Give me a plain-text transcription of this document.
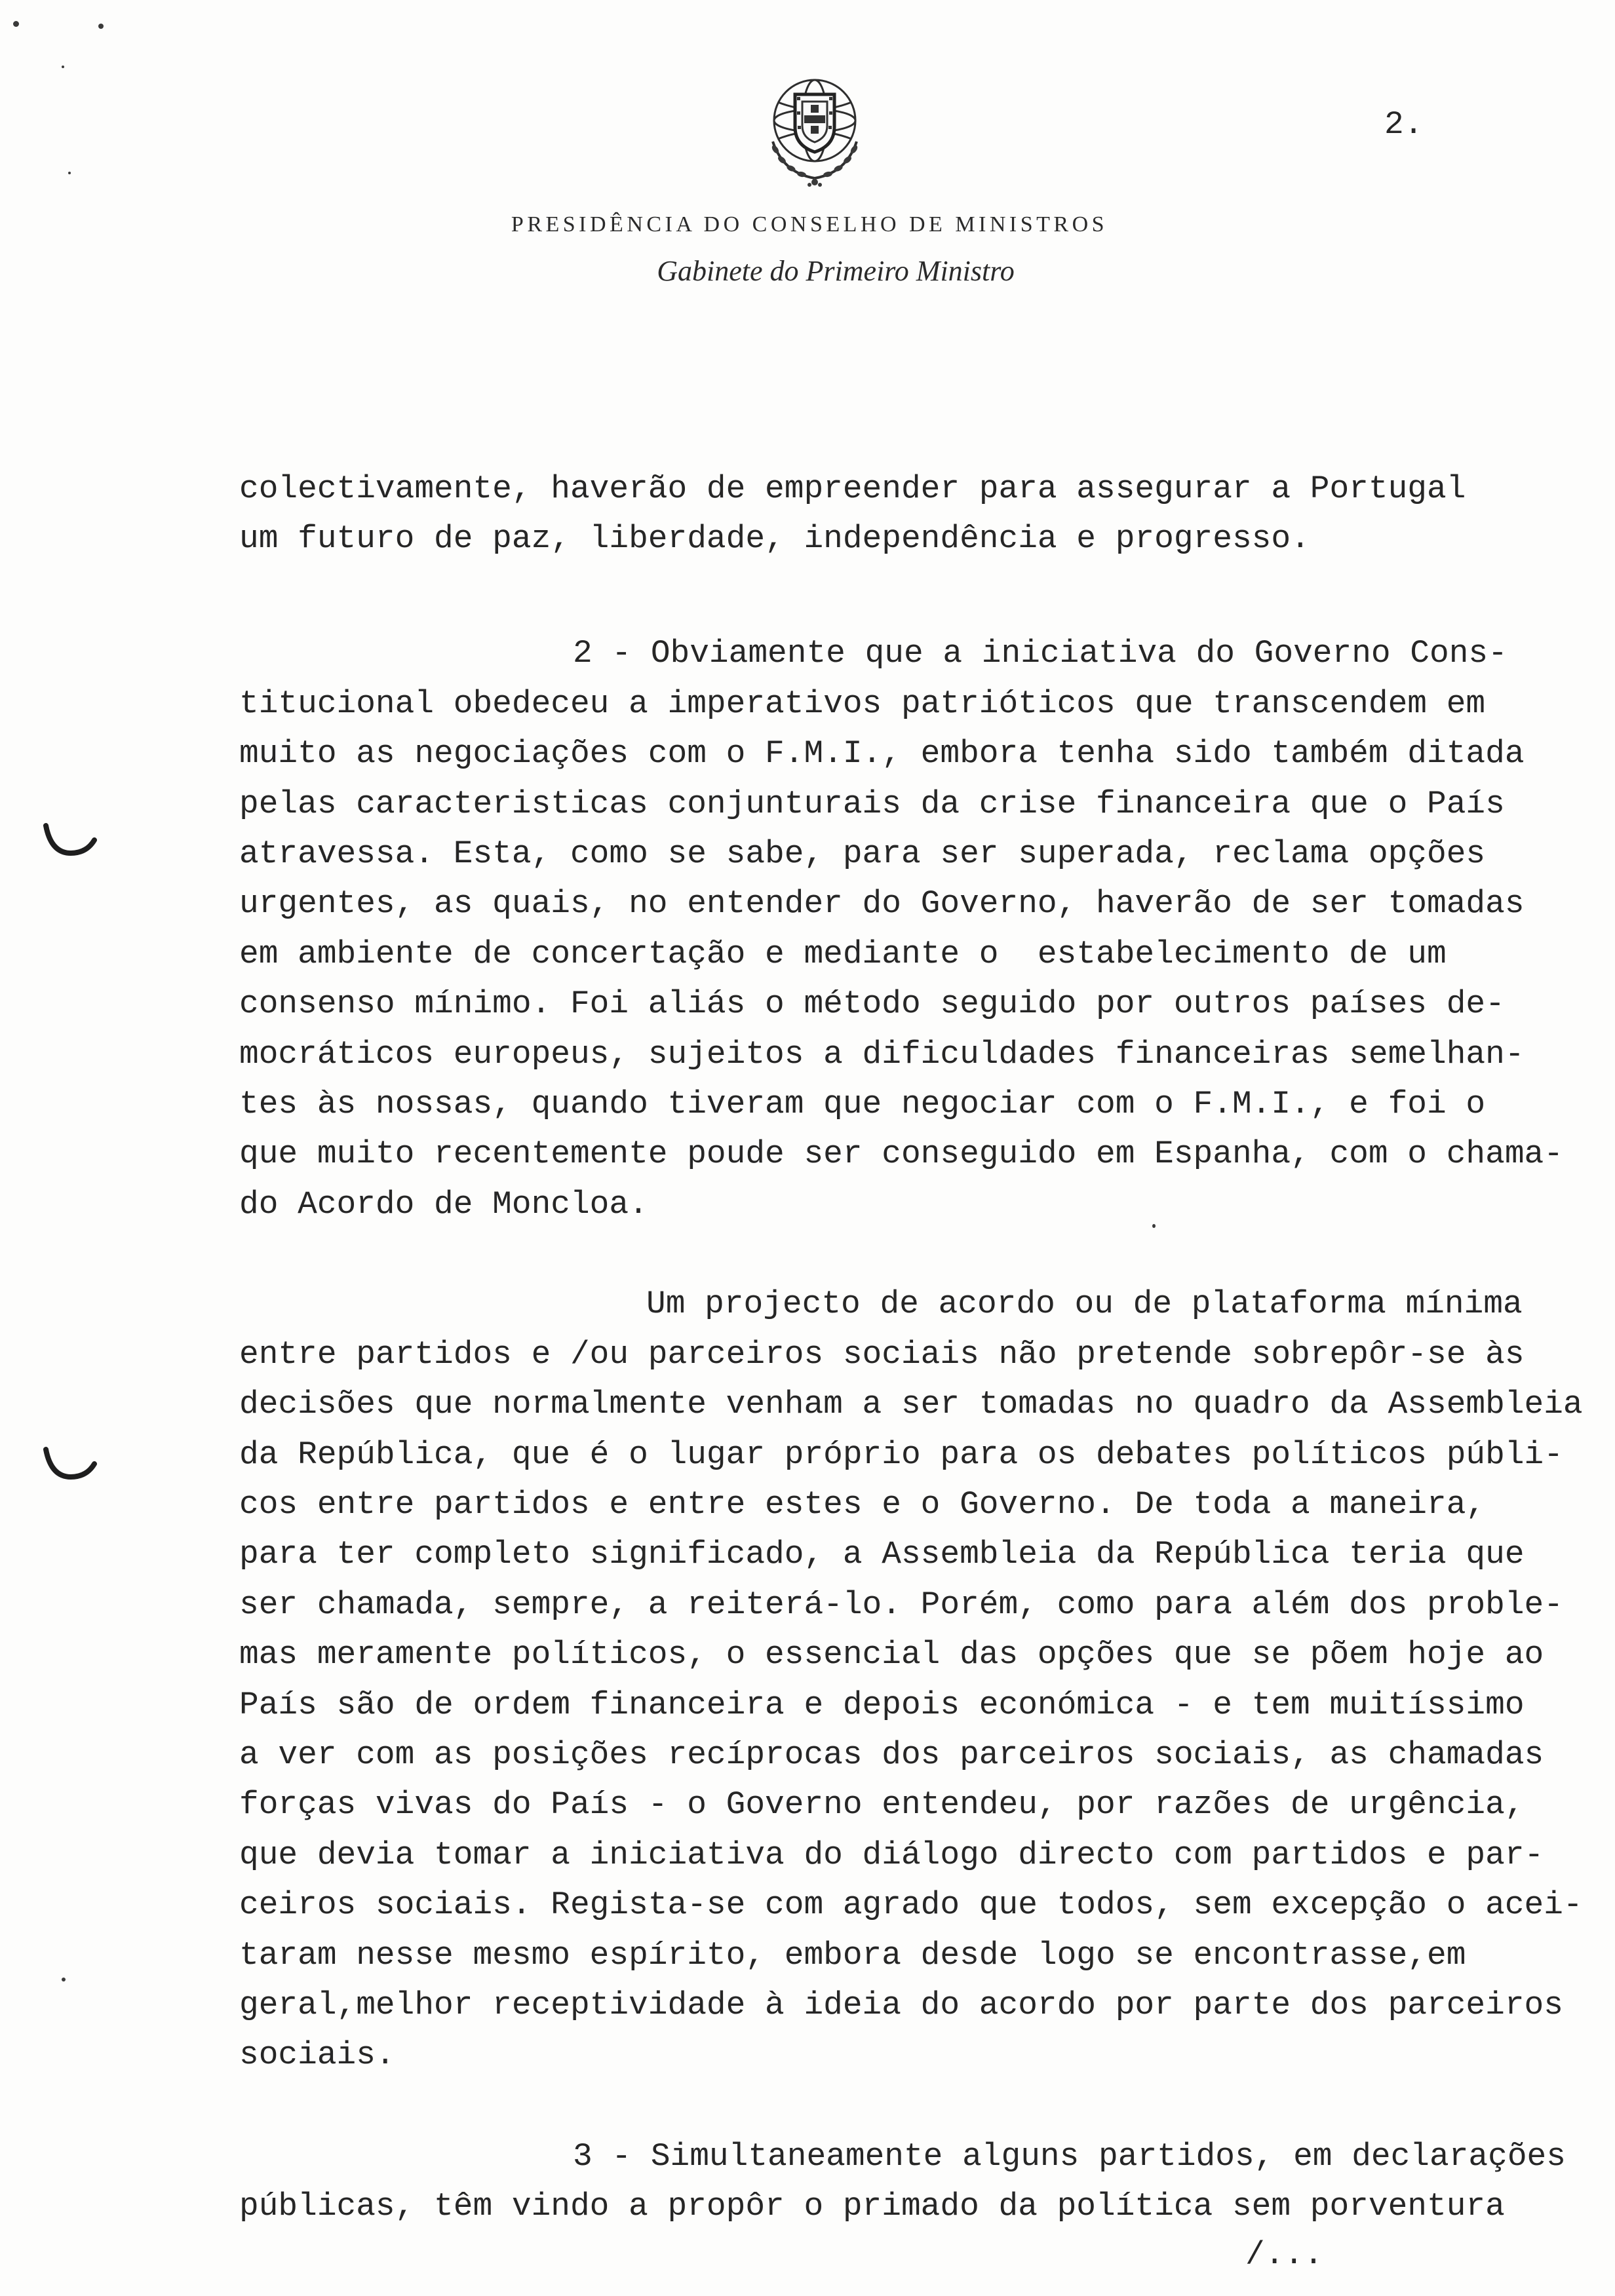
2.
PRESIDÊNCIA DO CONSELHO DE MINISTROS
Gabinete do Primeiro Ministro
colectivamente, haverão de empreender para assegurar a Portugal
um futuro de paz, liberdade, independência e progresso.
2 - Obviamente que a iniciativa do Governo Cons-
titucional obedeceu a imperativos patrióticos que transcendem em
muito as negociações com o F.M.I., embora tenha sido também ditada
pelas caracteristicas conjunturais da crise financeira que o País
atravessa. Esta, como se sabe, para ser superada, reclama opções
urgentes, as quais, no entender do Governo, haverão de ser tomadas
em ambiente de concertação e mediante o  estabelecimento de um
consenso mínimo. Foi aliás o método seguido por outros países de-
mocráticos europeus, sujeitos a dificuldades financeiras semelhan-
tes às nossas, quando tiveram que negociar com o F.M.I., e foi o
que muito recentemente poude ser conseguido em Espanha, com o chama-
do Acordo de Moncloa.
Um projecto de acordo ou de plataforma mínima
entre partidos e /ou parceiros sociais não pretende sobrepôr-se às
decisões que normalmente venham a ser tomadas no quadro da Assembleia
da República, que é o lugar próprio para os debates políticos públi-
cos entre partidos e entre estes e o Governo. De toda a maneira,
para ter completo significado, a Assembleia da República teria que
ser chamada, sempre, a reiterá-lo. Porém, como para além dos proble-
mas meramente políticos, o essencial das opções que se põem hoje ao
País são de ordem financeira e depois económica - e tem muitíssimo
a ver com as posições recíprocas dos parceiros sociais, as chamadas
forças vivas do País - o Governo entendeu, por razões de urgência,
que devia tomar a iniciativa do diálogo directo com partidos e par-
ceiros sociais. Regista-se com agrado que todos, sem excepção o acei-
taram nesse mesmo espírito, embora desde logo se encontrasse,em
geral,melhor receptividade à ideia do acordo por parte dos parceiros
sociais.
3 - Simultaneamente alguns partidos, em declarações
públicas, têm vindo a propôr o primado da política sem porventura
/...
